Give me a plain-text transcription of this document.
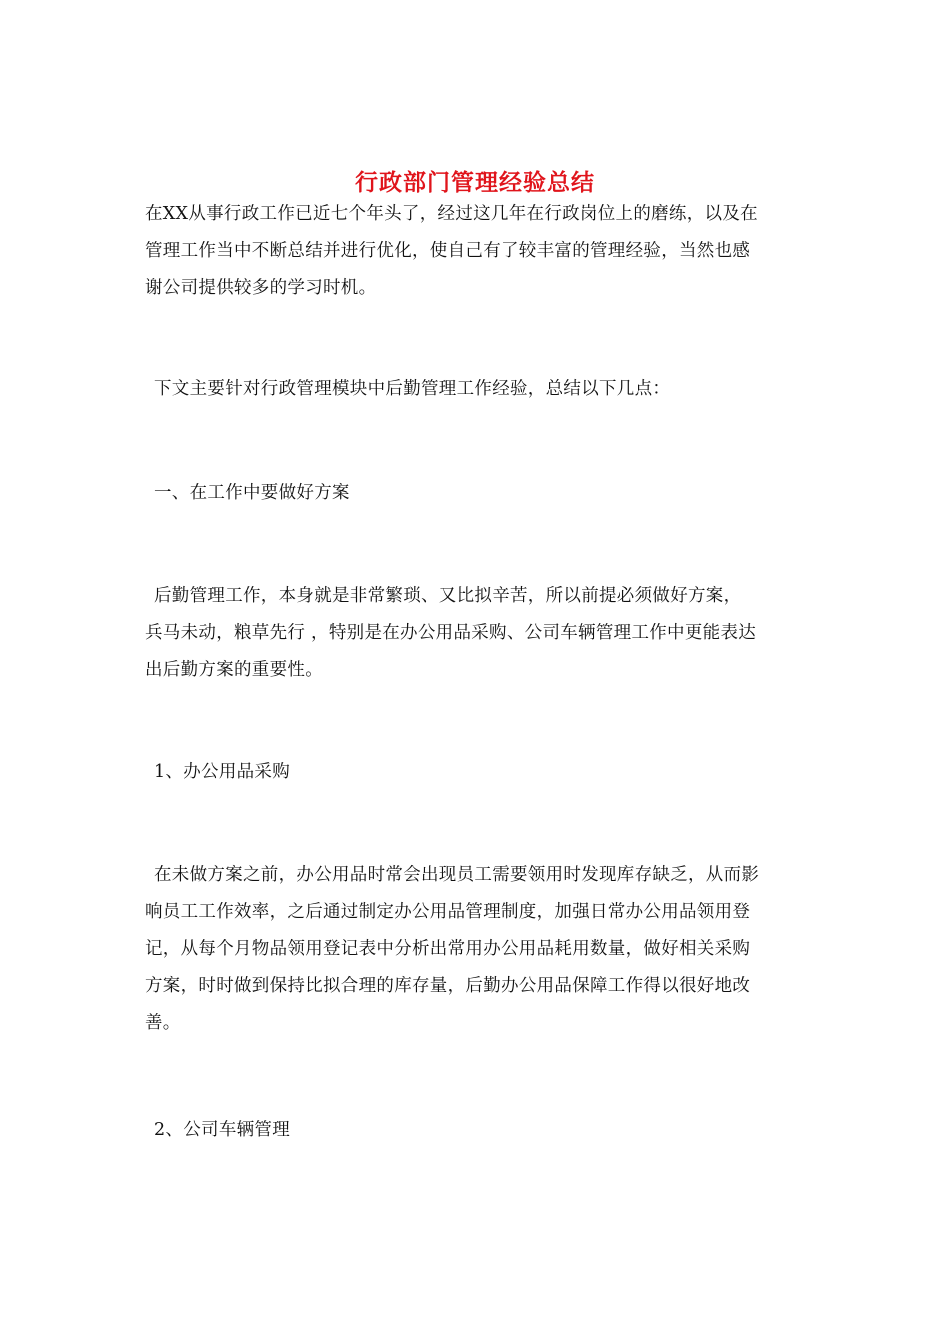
行政部门管理经验总结
在XX从事行政工作已近七个年头了，经过这几年在行政岗位上的磨练，以及在
管理工作当中不断总结并进行优化，使自己有了较丰富的管理经验，当然也感
谢公司提供较多的学习时机。
下文主要针对行政管理模块中后勤管理工作经验，总结以下几点：
一、在工作中要做好方案
后勤管理工作，本身就是非常繁琐、又比拟辛苦，所以前提必须做好方案，
兵马未动，粮草先行 ，特别是在办公用品采购、公司车辆管理工作中更能表达
出后勤方案的重要性。
1、办公用品采购
在未做方案之前，办公用品时常会出现员工需要领用时发现库存缺乏，从而影
响员工工作效率，之后通过制定办公用品管理制度，加强日常办公用品领用登
记，从每个月物品领用登记表中分析出常用办公用品耗用数量，做好相关采购
方案，时时做到保持比拟合理的库存量，后勤办公用品保障工作得以很好地改
善。
2、公司车辆管理
